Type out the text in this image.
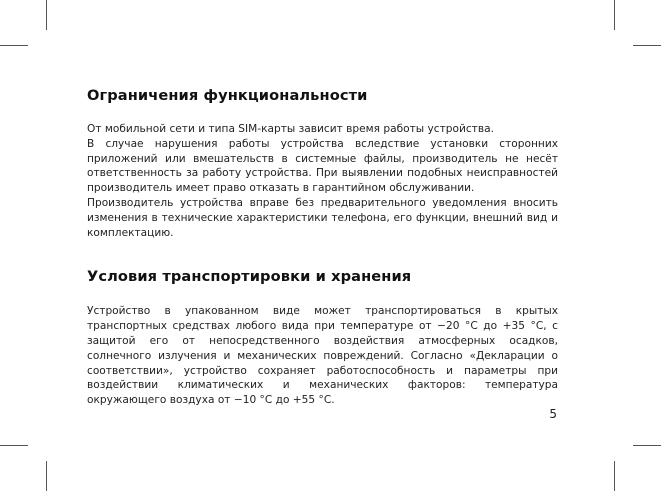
Ограничения функциональности

От мобильной сети и типа SIM-карты зависит время работы устройства.

В случае нарушения работы устройства вследствие установки сторонних приложений или вмешательств в системные файлы, производитель не несёт ответственность за работу устройства. При выявлении подобных неисправностей производитель имеет право отказать в гарантийном обслуживании.

Производитель устройства вправе без предварительного уведомления вносить изменения в технические характеристики телефона, его функции, внешний вид и комплектацию.

Условия транспортировки и хранения

Устройство в упакованном виде может транспортироваться в крытых транспортных средствах любого вида при температуре от −20 °C до +35 °C, с защитой его от непосредственного воздействия атмосферных осадков, солнечного излучения и механических повреждений. Согласно «Декларации о соответствии», устройство сохраняет работоспособность и параметры при воздействии климатических и механических факторов: температура окружающего воздуха от −10 °C до +55 °C.

5
